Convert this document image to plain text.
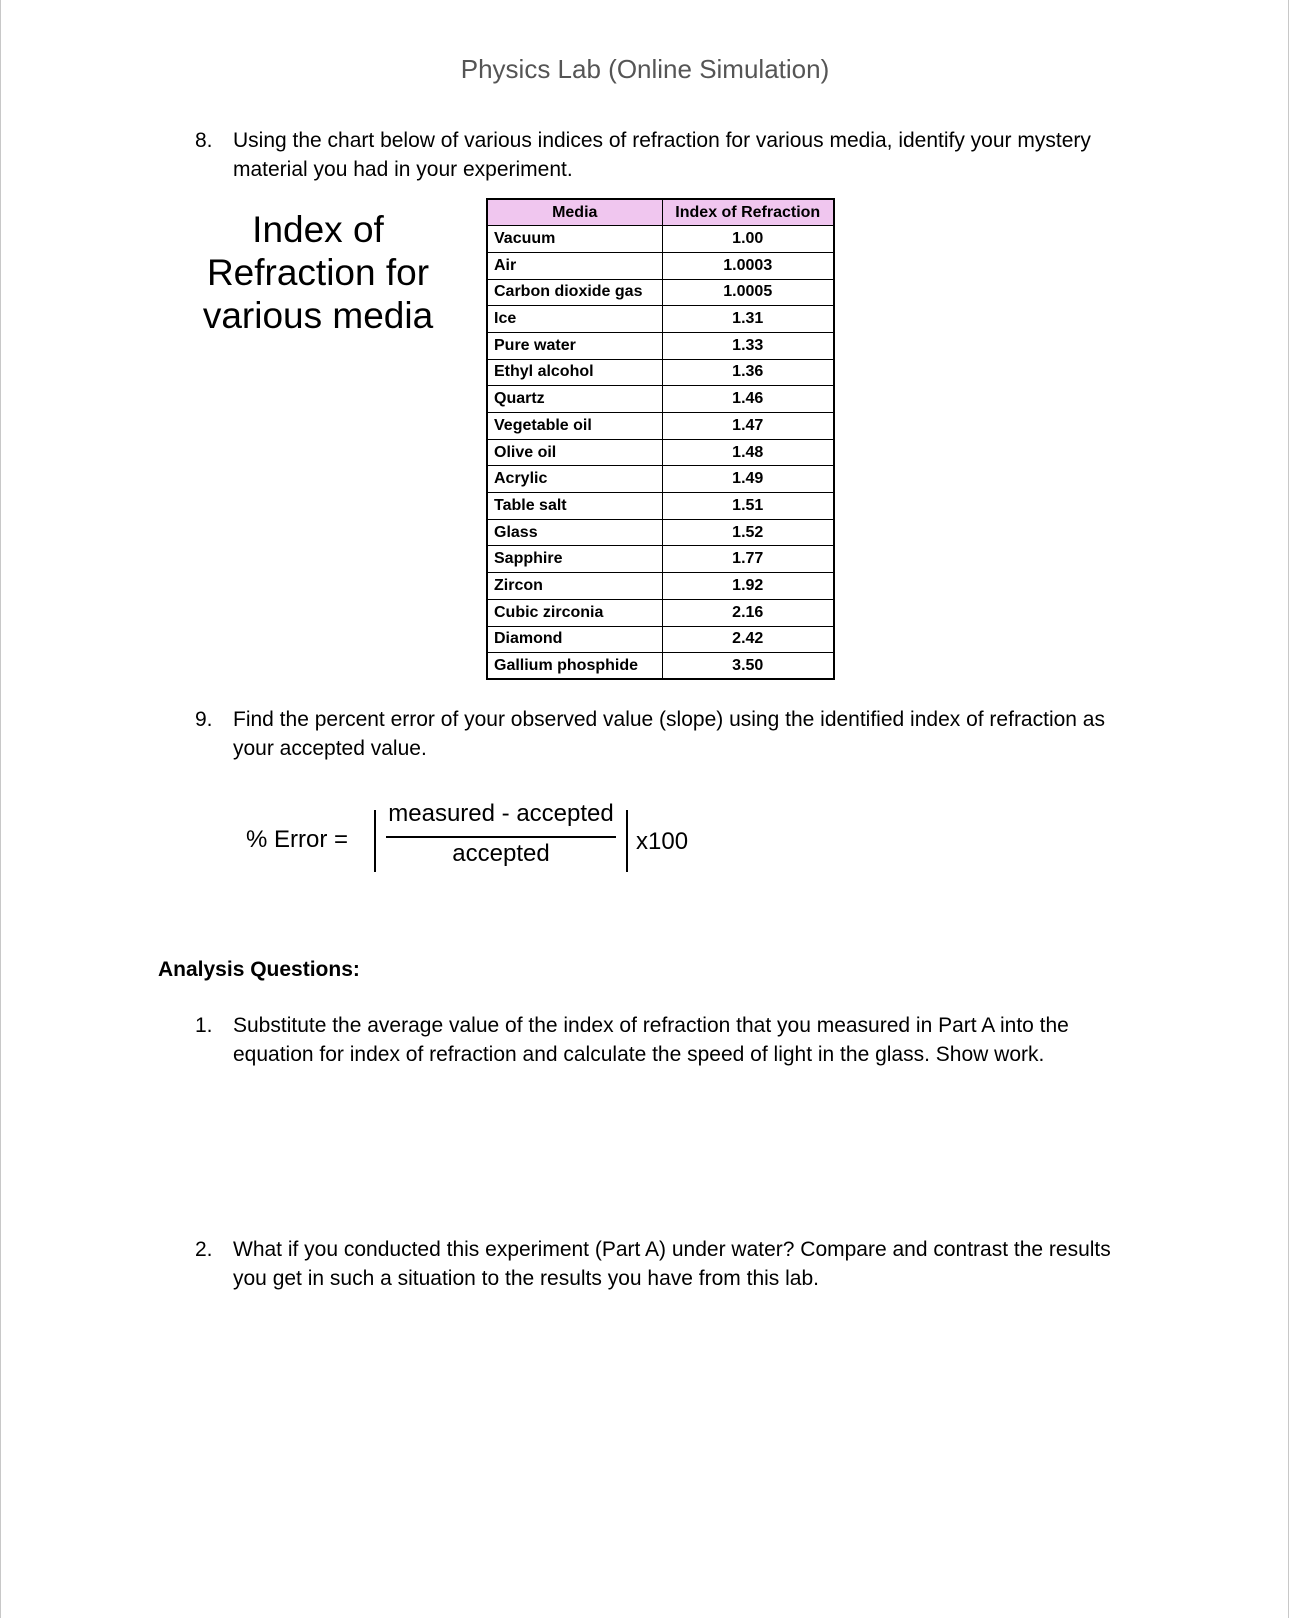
Physics Lab (Online Simulation)
8. Using the chart below of various indices of refraction for various media, identify your mystery material you had in your experiment.
Index of Refraction for various media
Media	Index of Refraction
Vacuum	1.00
Air	1.0003
Carbon dioxide gas	1.0005
Ice	1.31
Pure water	1.33
Ethyl alcohol	1.36
Quartz	1.46
Vegetable oil	1.47
Olive oil	1.48
Acrylic	1.49
Table salt	1.51
Glass	1.52
Sapphire	1.77
Zircon	1.92
Cubic zirconia	2.16
Diamond	2.42
Gallium phosphide	3.50
9. Find the percent error of your observed value (slope) using the identified index of refraction as your accepted value.
% Error =
measured - accepted
accepted	x100
Analysis Questions:
1. Substitute the average value of the index of refraction that you measured in Part A into the equation for index of refraction and calculate the speed of light in the glass. Show work.
2. What if you conducted this experiment (Part A) under water? Compare and contrast the results you get in such a situation to the results you have from this lab.
